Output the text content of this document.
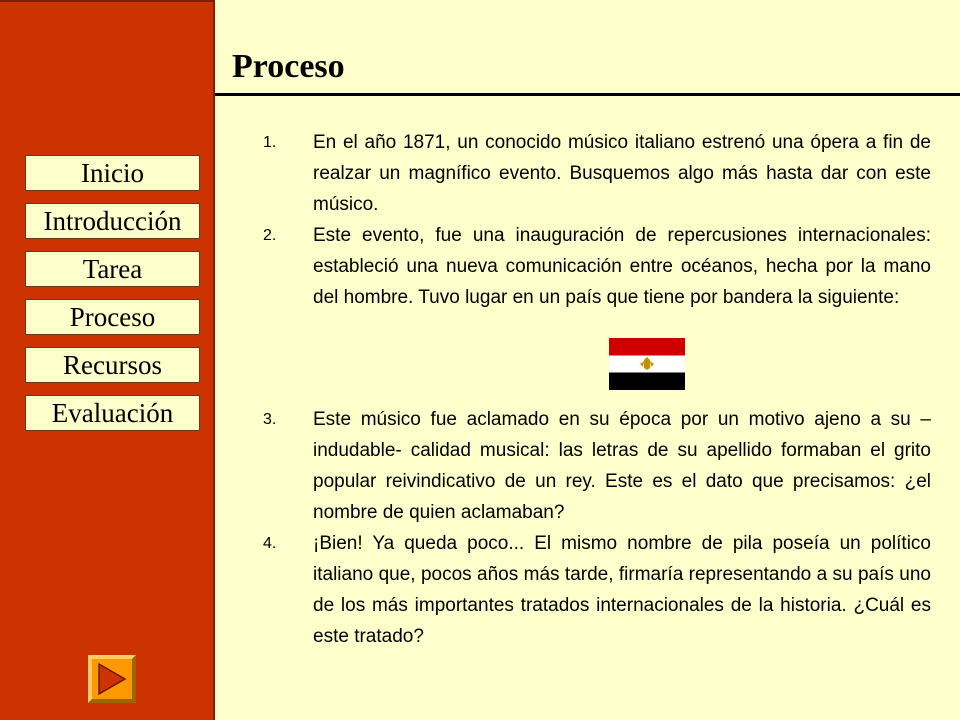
Inicio
Introducción
Tarea
Proceso
Recursos
Evaluación
Proceso
1.	En el año 1871, un conocido músico italiano estrenó una ópera a fin de realzar un magnífico evento. Busquemos algo más hasta dar con este músico.
2.	Este evento, fue una inauguración de repercusiones internacionales: estableció una nueva comunicación entre océanos, hecha por la mano del hombre. Tuvo lugar en un país que tiene por bandera la siguiente:
3.	Este músico fue aclamado en su época por un motivo ajeno a su –indudable- calidad musical: las letras de su apellido formaban el grito popular reivindicativo de un rey. Este es el dato que precisamos: ¿el nombre de quien aclamaban?
4.	¡Bien! Ya queda poco... El mismo nombre de pila poseía un político italiano que, pocos años más tarde, firmaría representando a su país uno de los más importantes tratados internacionales de la historia. ¿Cuál es este tratado?
